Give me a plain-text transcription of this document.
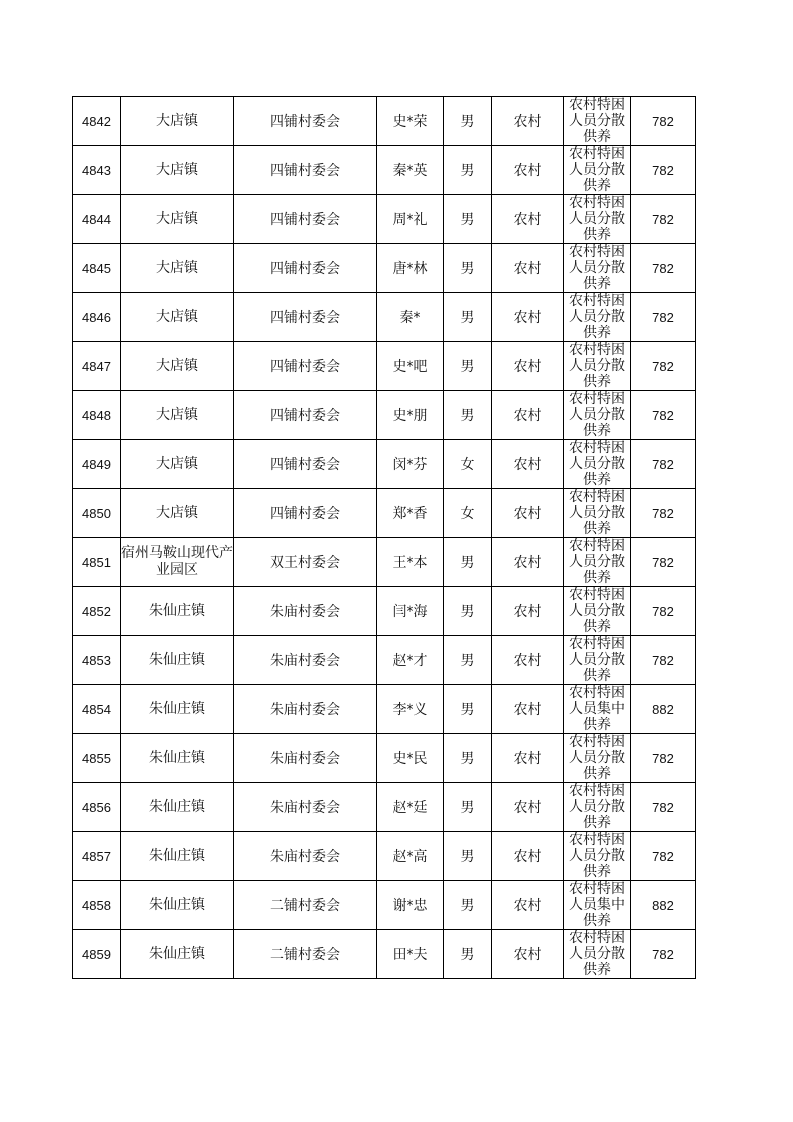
4842	大店镇	四铺村委会	史*荣	男	农村	农村特困
人员分散
供养	782
4843	大店镇	四铺村委会	秦*英	男	农村	农村特困
人员分散
供养	782
4844	大店镇	四铺村委会	周*礼	男	农村	农村特困
人员分散
供养	782
4845	大店镇	四铺村委会	唐*林	男	农村	农村特困
人员分散
供养	782
4846	大店镇	四铺村委会	秦*	男	农村	农村特困
人员分散
供养	782
4847	大店镇	四铺村委会	史*吧	男	农村	农村特困
人员分散
供养	782
4848	大店镇	四铺村委会	史*朋	男	农村	农村特困
人员分散
供养	782
4849	大店镇	四铺村委会	闵*芬	女	农村	农村特困
人员分散
供养	782
4850	大店镇	四铺村委会	郑*香	女	农村	农村特困
人员分散
供养	782
4851	宿州马鞍山现代产业园区	双王村委会	王*本	男	农村	农村特困
人员分散
供养	782
4852	朱仙庄镇	朱庙村委会	闫*海	男	农村	农村特困
人员分散
供养	782
4853	朱仙庄镇	朱庙村委会	赵*才	男	农村	农村特困
人员分散
供养	782
4854	朱仙庄镇	朱庙村委会	李*义	男	农村	农村特困
人员集中
供养	882
4855	朱仙庄镇	朱庙村委会	史*民	男	农村	农村特困
人员分散
供养	782
4856	朱仙庄镇	朱庙村委会	赵*廷	男	农村	农村特困
人员分散
供养	782
4857	朱仙庄镇	朱庙村委会	赵*高	男	农村	农村特困
人员分散
供养	782
4858	朱仙庄镇	二铺村委会	谢*忠	男	农村	农村特困
人员集中
供养	882
4859	朱仙庄镇	二铺村委会	田*夫	男	农村	农村特困
人员分散
供养	782
